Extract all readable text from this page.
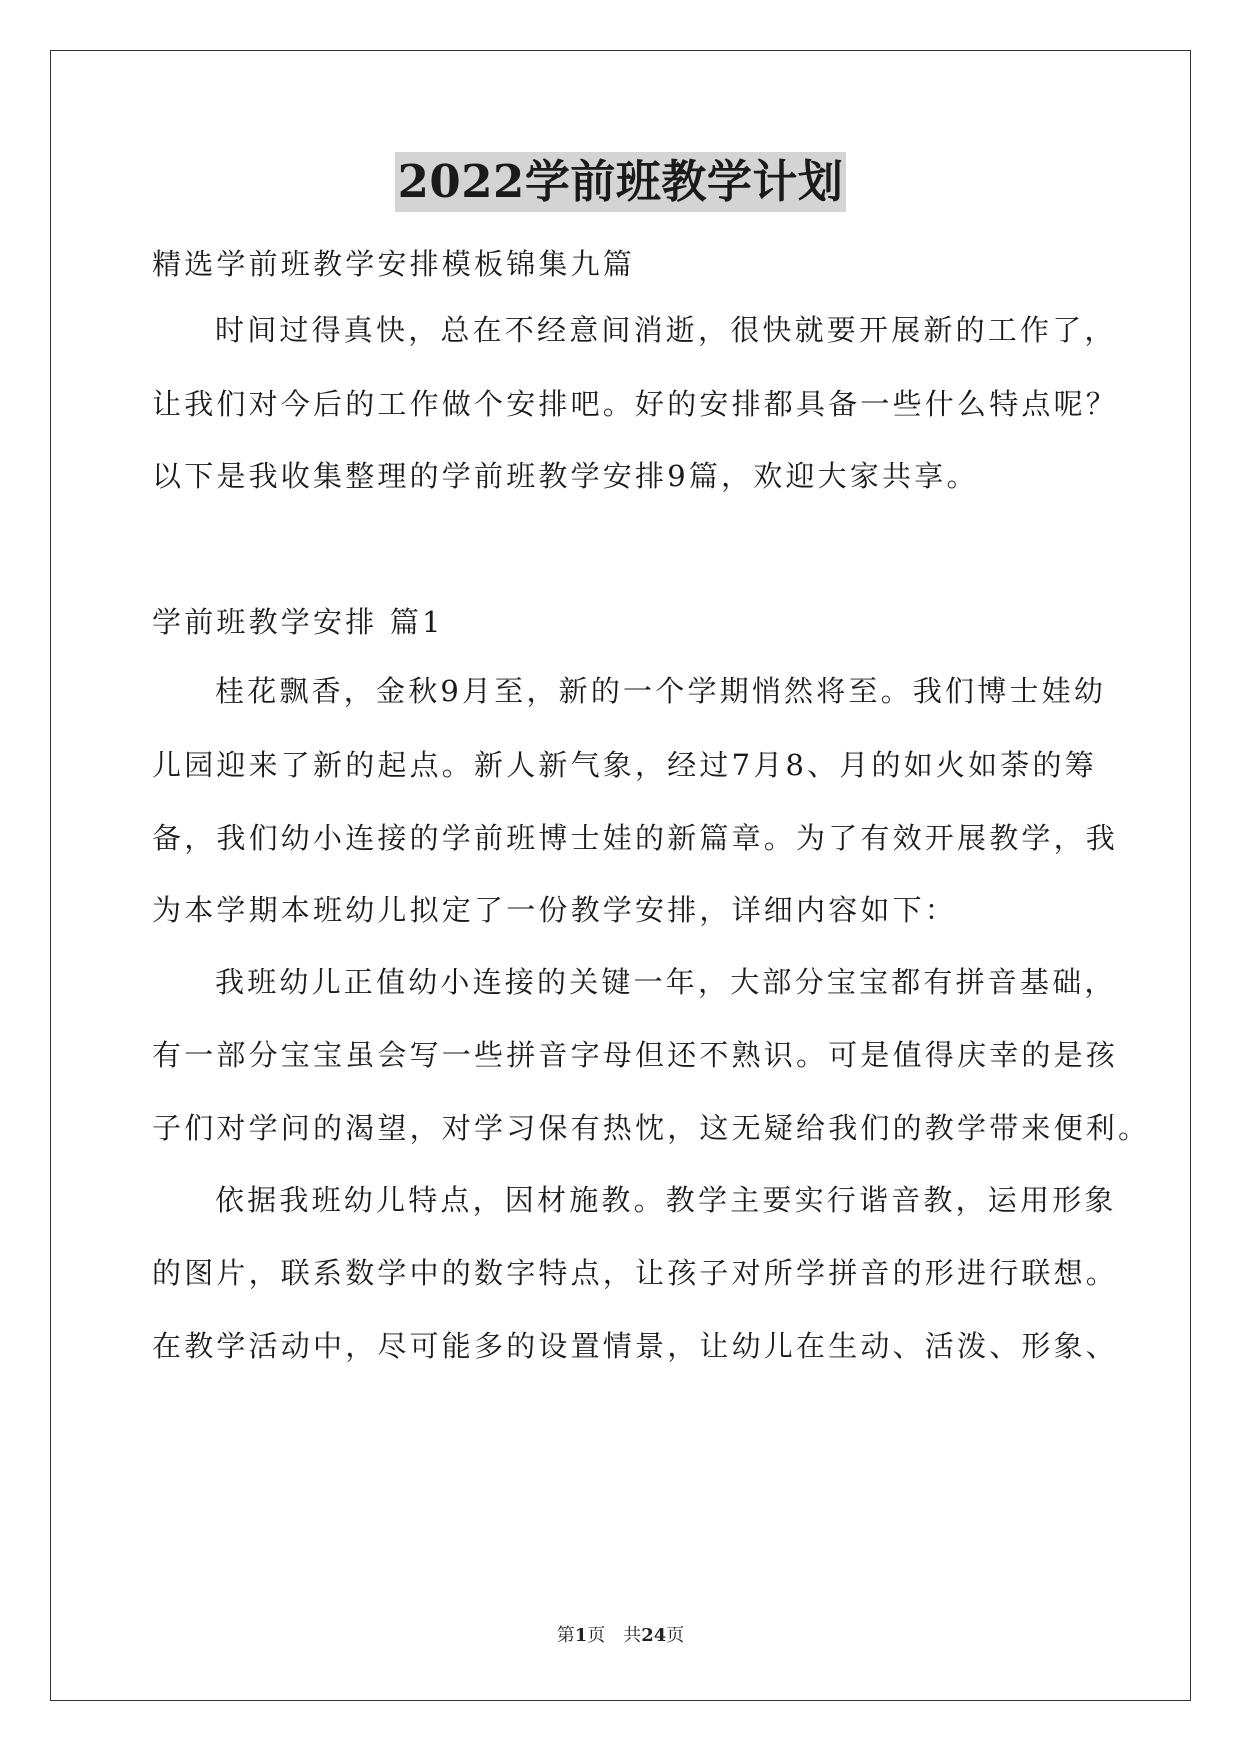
2022学前班教学计划
精选学前班教学安排模板锦集九篇
时间过得真快，总在不经意间消逝，很快就要开展新的工作了，
让我们对今后的工作做个安排吧。好的安排都具备一些什么特点呢？
以下是我收集整理的学前班教学安排9篇，欢迎大家共享。
学前班教学安排 篇1
桂花飘香，金秋9月至，新的一个学期悄然将至。我们博士娃幼
儿园迎来了新的起点。新人新气象，经过7月8、月的如火如荼的筹
备，我们幼小连接的学前班博士娃的新篇章。为了有效开展教学，我
为本学期本班幼儿拟定了一份教学安排，详细内容如下：
我班幼儿正值幼小连接的关键一年，大部分宝宝都有拼音基础，
有一部分宝宝虽会写一些拼音字母但还不熟识。可是值得庆幸的是孩
子们对学问的渴望，对学习保有热忱，这无疑给我们的教学带来便利。
依据我班幼儿特点，因材施教。教学主要实行谐音教，运用形象
的图片，联系数学中的数字特点，让孩子对所学拼音的形进行联想。
在教学活动中，尽可能多的设置情景，让幼儿在生动、活泼、形象、
第1页　共24页
